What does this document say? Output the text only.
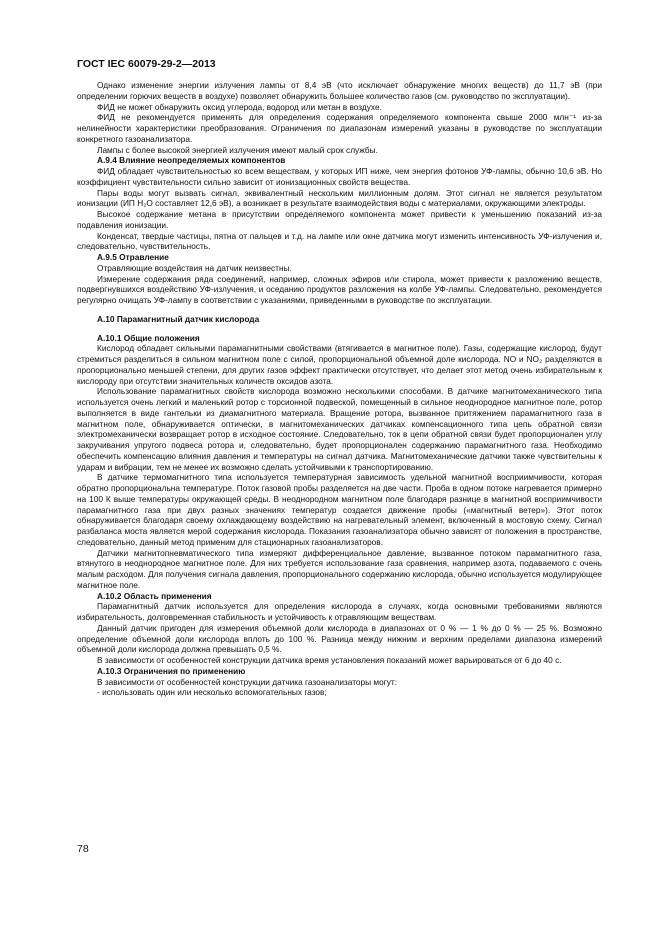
ГОСТ IEC 60079-29-2—2013

Однако изменение энергии излучения лампы от 8,4 эВ (что исключает обнаружение многих веществ) до 11,7 эВ (при определении горючих веществ в воздухе) позволяет обнаружить большее количество газов (см. руководство по эксплуатации).

ФИД не может обнаружить оксид углерода, водород или метан в воздухе.

ФИД не рекомендуется применять для определения содержания определяемого компонента свыше 2000 млн⁻¹ из-за нелинейности характеристики преобразования. Ограничения по диапазонам измерений указаны в руководстве по эксплуатации конкретного газоанализатора.

Лампы с более высокой энергией излучения имеют малый срок службы.

А.9.4 Влияние неопределяемых компонентов

ФИД обладает чувствительностью ко всем веществам, у которых ИП ниже, чем энергия фотонов УФ-лампы, обычно 10,6 эВ. Но коэффициент чувствительности сильно зависит от ионизационных свойств вещества.

Пары воды могут вызвать сигнал, эквивалентный нескольким миллионным долям. Этот сигнал не является результатом ионизации (ИП H₂O составляет 12,6 эВ), а возникает в результате взаимодействия воды с материалами, окружающими электроды.

Высокое содержание метана в присутствии определяемого компонента может привести к уменьшению показаний из-за подавления ионизации.

Конденсат, твердые частицы, пятна от пальцев и т.д. на лампе или окне датчика могут изменить интенсивность УФ-излучения и, следовательно, чувствительность.

А.9.5 Отравление

Отравляющие воздействия на датчик неизвестны.

Измерение содержания ряда соединений, например, сложных эфиров или стирола, может привести к разложению веществ, подвергнувшихся воздействию УФ-излучения, и оседанию продуктов разложения на колбе УФ-лампы. Следовательно, рекомендуется регулярно очищать УФ-лампу в соответствии с указаниями, приведенными в руководстве по эксплуатации.

А.10 Парамагнитный датчик кислорода

А.10.1 Общие положения

Кислород обладает сильными парамагнитными свойствами (втягивается в магнитное поле). Газы, содержащие кислород, будут стремиться разделиться в сильном магнитном поле с силой, пропорциональной объемной доле кислорода. NO и NO₂ разделяются в пропорционально меньшей степени, для других газов эффект практически отсутствует, что делает этот метод очень избирательным к кислороду при отсутствии значительных количеств оксидов азота.

Использование парамагнитных свойств кислорода возможно несколькими способами. В датчике магнитомеханического типа используется очень легкий и маленький ротор с торсионной подвеской, помещенный в сильное неоднородное магнитное поле, ротор выполняется в виде гантельки из диамагнитного материала. Вращение ротора, вызванное притяжением парамагнитного газа в магнитном поле, обнаруживается оптически, в магнитомеханических датчиках компенсационного типа цепь обратной связи электромеханически возвращает ротор в исходное состояние. Следовательно, ток в цепи обратной связи будет пропорционален углу закручивания упругого подвеса ротора и, следовательно, будет пропорционален содержанию парамагнитного газа. Необходимо обеспечить компенсацию влияния давления и температуры на сигнал датчика. Магнитомеханические датчики также чувствительны к ударам и вибрации, тем не менее их возможно сделать устойчивыми к транспортированию.

В датчике термомагнитного типа используется температурная зависимость удельной магнитной восприимчивости, которая обратно пропорциональна температуре. Поток газовой пробы разделяется на две части. Проба в одном потоке нагревается примерно на 100 К выше температуры окружающей среды. В неоднородном магнитном поле благодаря разнице в магнитной восприимчивости парамагнитного газа при двух разных значениях температур создается движение пробы («магнитный ветер»). Этот поток обнаруживается благодаря своему охлаждающему воздействию на нагревательный элемент, включенный в мостовую схему. Сигнал разбаланса моста является мерой содержания кислорода. Показания газоанализатора обычно зависят от положения в пространстве, следовательно, данный метод применим для стационарных газоанализаторов.

Датчики магнитопневматического типа измеряют дифференциальное давление, вызванное потоком парамагнитного газа, втянутого в неоднородное магнитное поле. Для них требуется использование газа сравнения, например азота, подаваемого с очень малым расходом. Для получения сигнала давления, пропорционального содержанию кислорода, обычно используется модулирующее магнитное поле.

А.10.2 Область применения

Парамагнитный датчик используется для определения кислорода в случаях, когда основными требованиями являются избирательность, долговременная стабильность и устойчивость к отравляющим веществам.

Данный датчик пригоден для измерения объемной доли кислорода в диапазонах от 0 % — 1 % до 0 % — 25 %. Возможно определение объемной доли кислорода вплоть до 100 %. Разница между нижним и верхним пределами диапазона измерений объемной доли кислорода должна превышать 0,5 %.

В зависимости от особенностей конструкции датчика время установления показаний может варьироваться от 6 до 40 с.

А.10.3 Ограничения по применению

В зависимости от особенностей конструкции датчика газоанализаторы могут:

- использовать один или несколько вспомогательных газов;

78
